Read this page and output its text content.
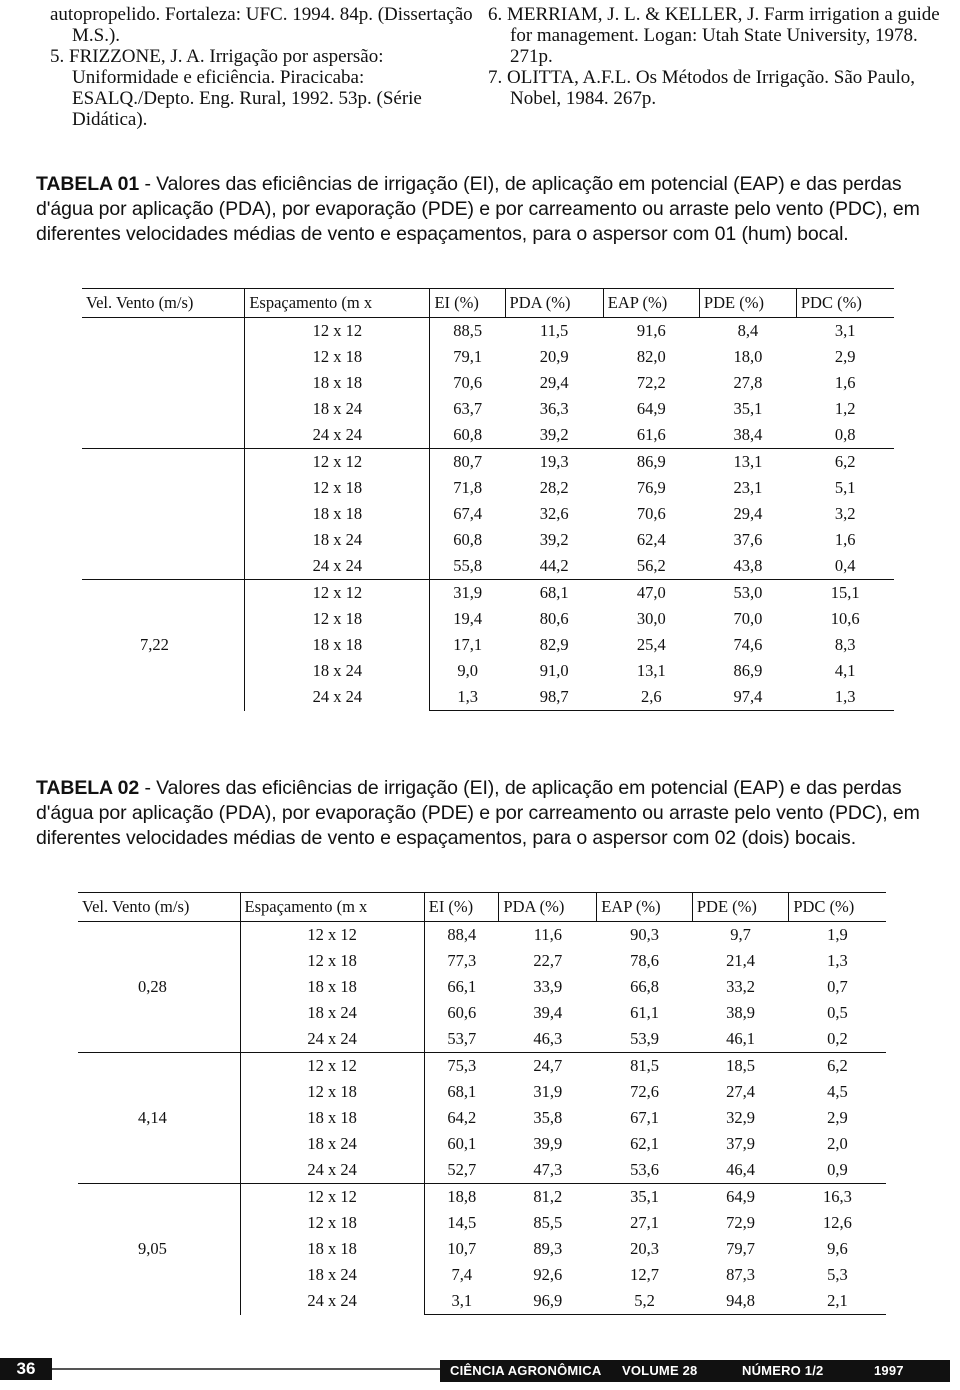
autopropelido. Fortaleza: UFC. 1994. 84p. (Dissertação M.S.).

5. FRIZZONE, J. A. Irrigação por aspersão: Uniformidade e eficiência. Piracicaba: ESALQ./Depto. Eng. Rural, 1992. 53p. (Série Didática).

6. MERRIAM, J. L. & KELLER, J. Farm irrigation a guide for management. Logan: Utah State University, 1978. 271p.

7. OLITTA, A.F.L. Os Métodos de Irrigação. São Paulo, Nobel, 1984. 267p.

TABELA 01 - Valores das eficiências de irrigação (EI), de aplicação em potencial (EAP) e das perdas d'água por aplicação (PDA), por evaporação (PDE) e por carreamento ou arraste pelo vento (PDC), em diferentes velocidades médias de vento e espaçamentos, para o aspersor com 01 (hum) bocal.
Vel. Vento (m/s)	Espaçamento (m x	EI (%)	PDA (%)	EAP (%)	PDE (%)	PDC (%)
	12 x 12	88,5	11,5	91,6	8,4	3,1
	12 x 18	79,1	20,9	82,0	18,0	2,9
	18 x 18	70,6	29,4	72,2	27,8	1,6
	18 x 24	63,7	36,3	64,9	35,1	1,2
	24 x 24	60,8	39,2	61,6	38,4	0,8
	12 x 12	80,7	19,3	86,9	13,1	6,2
	12 x 18	71,8	28,2	76,9	23,1	5,1
	18 x 18	67,4	32,6	70,6	29,4	3,2
	18 x 24	60,8	39,2	62,4	37,6	1,6
	24 x 24	55,8	44,2	56,2	43,8	0,4
	12 x 12	31,9	68,1	47,0	53,0	15,1
	12 x 18	19,4	80,6	30,0	70,0	10,6
7,22	18 x 18	17,1	82,9	25,4	74,6	8,3
	18 x 24	9,0	91,0	13,1	86,9	4,1
	24 x 24	1,3	98,7	2,6	97,4	1,3
TABELA 02 - Valores das eficiências de irrigação (EI), de aplicação em potencial (EAP) e das perdas d'água por aplicação (PDA), por evaporação (PDE) e por carreamento ou arraste pelo vento (PDC), em diferentes velocidades médias de vento e espaçamentos, para o aspersor com 02 (dois) bocais.
Vel. Vento (m/s)	Espaçamento (m x	EI (%)	PDA (%)	EAP (%)	PDE (%)	PDC (%)
	12 x 12	88,4	11,6	90,3	9,7	1,9
	12 x 18	77,3	22,7	78,6	21,4	1,3
0,28	18 x 18	66,1	33,9	66,8	33,2	0,7
	18 x 24	60,6	39,4	61,1	38,9	0,5
	24 x 24	53,7	46,3	53,9	46,1	0,2
	12 x 12	75,3	24,7	81,5	18,5	6,2
	12 x 18	68,1	31,9	72,6	27,4	4,5
4,14	18 x 18	64,2	35,8	67,1	32,9	2,9
	18 x 24	60,1	39,9	62,1	37,9	2,0
	24 x 24	52,7	47,3	53,6	46,4	0,9
	12 x 12	18,8	81,2	35,1	64,9	16,3
	12 x 18	14,5	85,5	27,1	72,9	12,6
9,05	18 x 18	10,7	89,3	20,3	79,7	9,6
	18 x 24	7,4	92,6	12,7	87,3	5,3
	24 x 24	3,1	96,9	5,2	94,8	2,1
36	CIÊNCIA AGRONÔMICA	VOLUME 28	NÚMERO 1/2	1997
